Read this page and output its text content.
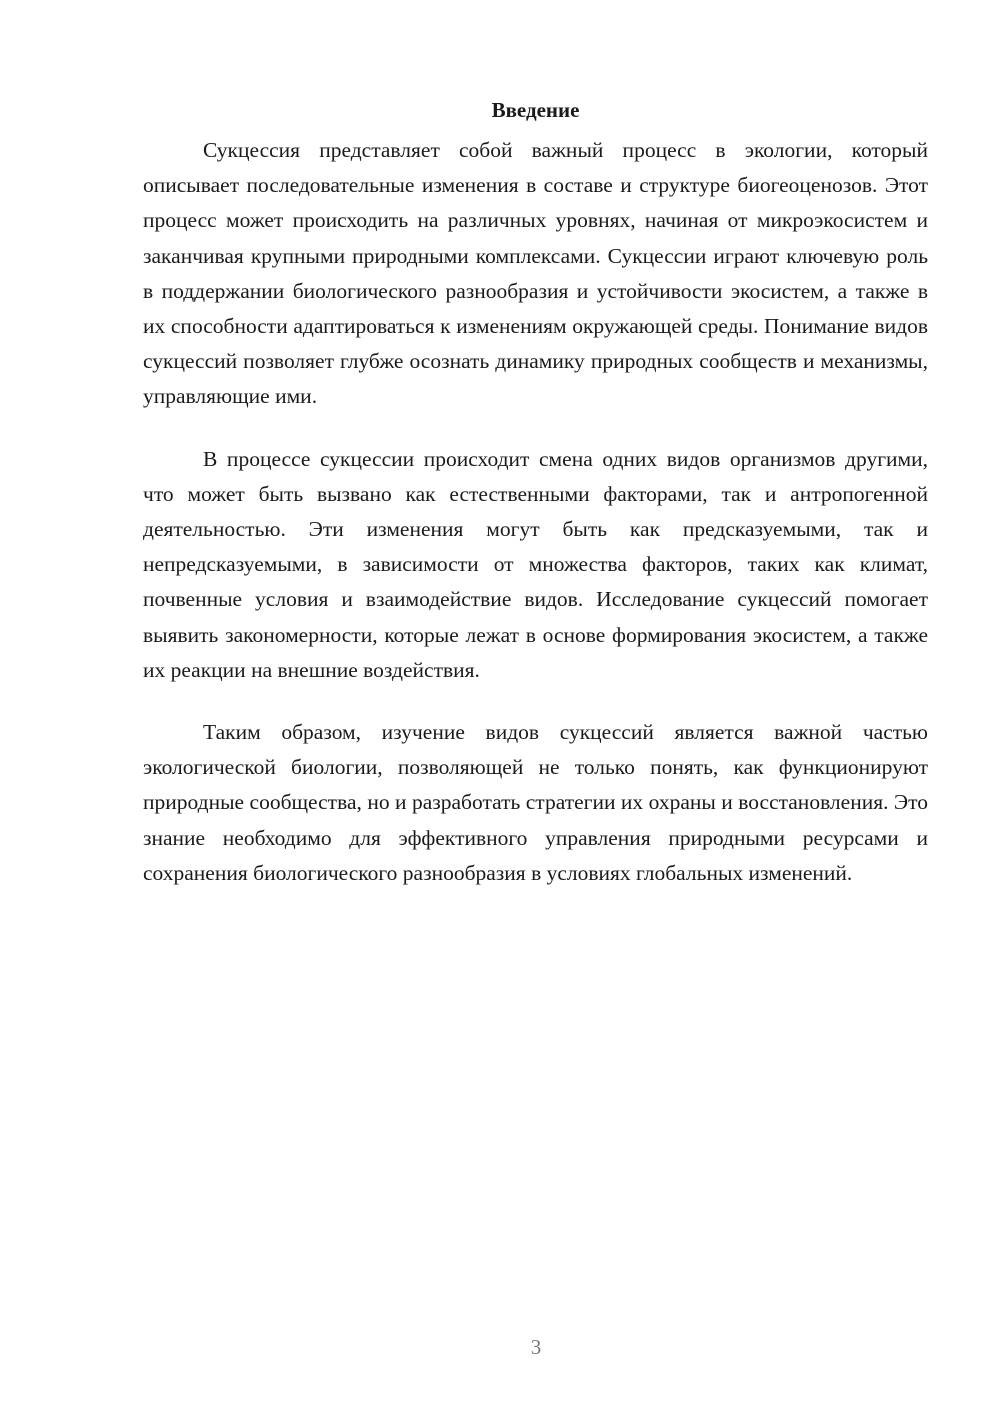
Введение

Сукцессия представляет собой важный процесс в экологии, который описывает последовательные изменения в составе и структуре биогеоценозов. Этот процесс может происходить на различных уровнях, начиная от микроэкосистем и заканчивая крупными природными комплексами. Сукцессии играют ключевую роль в поддержании биологического разнообразия и устойчивости экосистем, а также в их способности адаптироваться к изменениям окружающей среды. Понимание видов сукцессий позволяет глубже осознать динамику природных сообществ и механизмы, управляющие ими.

В процессе сукцессии происходит смена одних видов организмов другими, что может быть вызвано как естественными факторами, так и антропогенной деятельностью. Эти изменения могут быть как предсказуемыми, так и непредсказуемыми, в зависимости от множества факторов, таких как климат, почвенные условия и взаимодействие видов. Исследование сукцессий помогает выявить закономерности, которые лежат в основе формирования экосистем, а также их реакции на внешние воздействия.

Таким образом, изучение видов сукцессий является важной частью экологической биологии, позволяющей не только понять, как функционируют природные сообщества, но и разработать стратегии их охраны и восстановления. Это знание необходимо для эффективного управления природными ресурсами и сохранения биологического разнообразия в условиях глобальных изменений.

3
